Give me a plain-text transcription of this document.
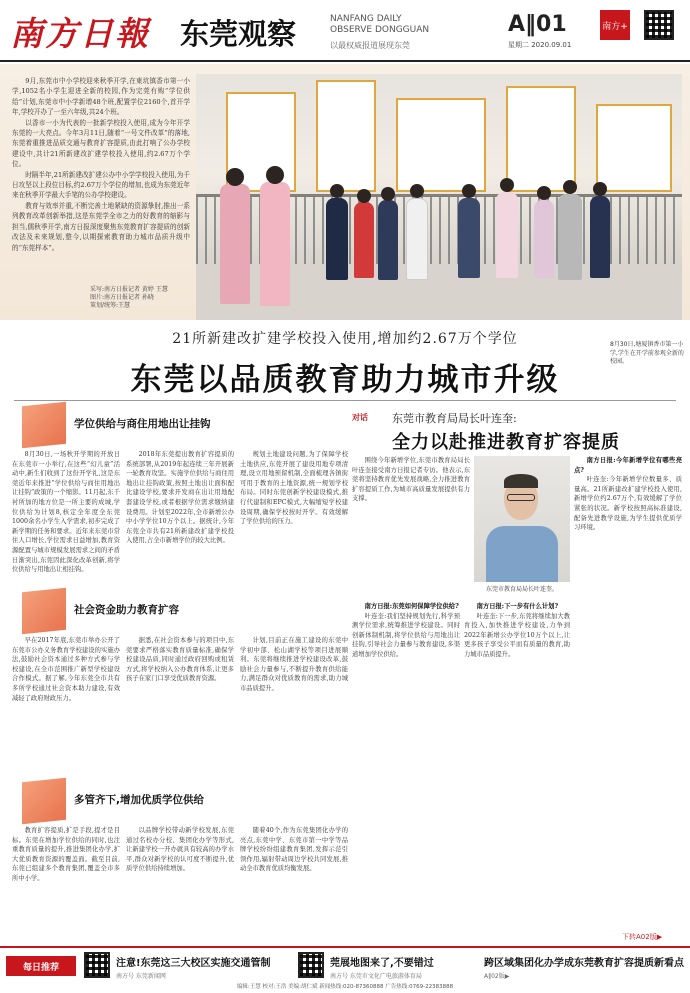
南方日報 东莞观察	NANFANG DAILY
OBSERVE DONGGUAN
以最权威报道展现东莞
A‖01
星期二 2020.09.01
南方+

9月,东莞市中小学校迎来秋季开学,在東坑镇香市第一小学,1052名小学生迎进全新的校园,作为完莞有购“学位供给”计划,东莞市中小学新增48个班,配置学位2160个,首开学年,学校开办了一至六年级,共24个班。

以香市一小为代表的一批新学校投入使用,成为今年开学东莞的一大亮点。今年3月11日,随着“一号文件改革”的落地,东莞着重推进品质交通与教育扩容提质,由此打响了公办学校建设中,共计21所新建改扩建学校投入使用,约2.67万个学位。

时隔半年,21所新建改扩建公办中小学学校投入使用,为千日攻坚以上段位目标,约2.67万个学位的增加,也成为东莞近年来在秋季开学最大手笔的公办学校建设。

教育与效率并重,不断完善土地紧缺的资源挚肘,推出一系列教育改革创新举措,这是东莞学全市之力的好教育的缩影与担当,儒秋季开学,南方日报深度聚焦东莞教育扩容提质的创新改法及未来规划,整今,以期探索教育助力城市品质升级中的“东莞样本”。

采写:南方日报记者 黄婷 王慧
图片:南方日报记者 孙晓
策划/统筹:王慧
8月30日,塘厦镇香市第一小学,学生在开学前参观全新的校园。
21所新建改扩建学校投入使用,增加约2.67万个学位
东莞以品质教育助力城市升级
学位供给与商住用地出让挂钩

8月30日,一场秋开学期的开放日在东莞市一小举行,在这些“幻儿童”活动中,新生们收到了这份开学礼,这是东莞近年来推进“学位供给与商住用地出让挂钩”政策的一个缩影。11月起,东千衬所加的地方位是一所主要的成城,学位供给为计划8,核定全年度全东莞1000余名小学生入学需求,初步完成了新学期的任务和要求。近年来东莞市常住人口增长,学位需求日益增加,教育资源配置与城市规模发展需求之间的矛盾日渐突出,东莞因此深化改革创新,将学位供给与用地出让相挂钩。

2018年东莞提出教育扩容提质的系统部署,从2019年起连续三年开展新一轮教育攻坚。实施学位供给与商住用地出让挂钩政策,按照土地出让面积配比建设学校,要求开发商在出让用地配套建设学校,或者根据学位需求缴纳建设费用。计划至2022年,全市新增公办中小学学位10万个以上。据统计,今年东莞全市共有21所新建改扩建学校投入使用,占全市新增学位的较大比例。

规划土地建设问题,为了保障学校土地供应,东莞开展了建设用地专项清理,设立用地预留机制,全面梳理各镇街可用于教育的土地资源,统一规划学校布局。同时东莞创新学校建设模式,推行代建制和EPC模式,大幅缩短学校建设周期,确保学校按时开学。有效缓解了学位供给的压力。

社会资金助力教育扩容

早在2017年底,东莞市举办公开了东莞市公办义务教育学校建设的实施办法,鼓励社会资本通过多种方式参与学校建设,在全市范围推广新型学校建设合作模式。据了解,今年东莞全市共有多所学校通过社会资本助力建设,有效减轻了政府财政压力。

据悉,在社会资本参与的项目中,东莞要求严格落实教育质量标准,确保学校建设品质,同时通过政府回购或租赁方式,将学校纳入公办教育体系,让更多孩子在家门口享受优质教育资源。

计划,目前正在施工建设的东莞中学初中部、松山湖学校等项目进展顺利。东莞将继续推进学校建设改革,鼓励社会力量参与,不断提升教育供给能力,满足群众对优质教育的需求,助力城市品质提升。

多管齐下,增加优质学位供给

教育扩容提质,扩是手段,提才是目标。东莞在增加学位供给的同时,也注重教育质量的提升,推进集团化办学,扩大优质教育资源的覆盖面。截至目前,东莞已组建多个教育集团,覆盖全市多所中小学。

以品牌学校带动新学校发展,东莞通过名校办分校、集团化办学等形式,让新建学校一开办就具有较高的办学水平,群众对新学校的认可度不断提升,优质学位供给持续增加。

随着40个,作为东莞集团化办学的亮点,东莞中学、东莞市第一中学等品牌学校纷纷组建教育集团,发挥示范引领作用,辐射带动周边学校共同发展,推动全市教育优质均衡发展。

对话 东莞市教育局局长叶连奎:
全力以赴推进教育扩容提质

围绕今年新增学位,东莞市教育局局长叶连奎接受南方日报记者专访。他表示,东莞将坚持教育优先发展战略,全力推进教育扩容提质工作,为城市高质量发展提供有力支撑。

东莞市教育局局长叶连奎。

南方日报:今年新增学位有哪些亮点?

叶连奎:今年新增学位数量多、质量高。21所新建改扩建学校投入使用,新增学位约2.67万个,有效缓解了学位紧张的状况。新学校按照高标准建设,配备先进教学设施,为学生提供优质学习环境。

南方日报:东莞如何保障学位供给?

叶连奎:我们坚持规划先行,科学预测学位需求,统筹推进学校建设。同时创新体制机制,将学位供给与用地出让挂钩,引导社会力量参与教育建设,多渠道增加学位供给。

南方日报:下一步有什么计划?

叶连奎:下一步,东莞将继续加大教育投入,加快推进学校建设,力争到2022年新增公办学位10万个以上,让更多孩子享受公平而有质量的教育,助力城市品质提升。

下转A02版▶
每日推荐	注意!东莞这三大校区实施交通管制
南方号 东莞新闻网
莞展地图来了,不要错过
南方号 东莞市文化广电旅游体育局
跨区域集团化办学成东莞教育扩容提质新看点
A‖02版▶
编辑:王慧 校对:王浩 美编:胡仁斌 新闻热线:020-87360888 广告热线:0769-22383888
